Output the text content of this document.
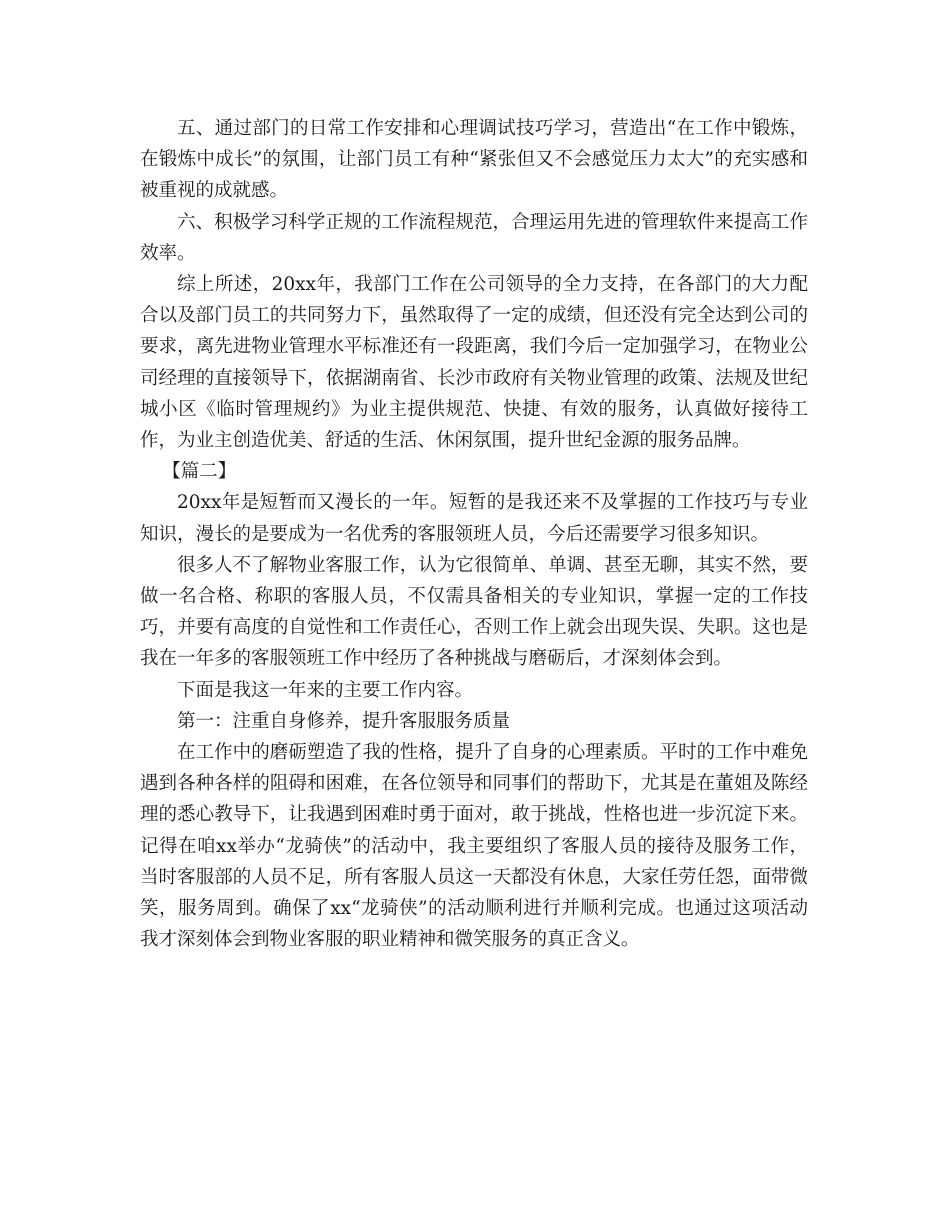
五、通过部门的日常工作安排和心理调试技巧学习，营造出“在工作中锻炼，在锻炼中成长”的氛围，让部门员工有种“紧张但又不会感觉压力太大”的充实感和被重视的成就感。

六、积极学习科学正规的工作流程规范，合理运用先进的管理软件来提高工作效率。

综上所述，20xx年，我部门工作在公司领导的全力支持，在各部门的大力配合以及部门员工的共同努力下，虽然取得了一定的成绩，但还没有完全达到公司的要求，离先进物业管理水平标准还有一段距离，我们今后一定加强学习，在物业公司经理的直接领导下，依据湖南省、长沙市政府有关物业管理的政策、法规及世纪城小区《临时管理规约》为业主提供规范、快捷、有效的服务，认真做好接待工作，为业主创造优美、舒适的生活、休闲氛围，提升世纪金源的服务品牌。

【篇二】

20xx年是短暂而又漫长的一年。短暂的是我还来不及掌握的工作技巧与专业知识，漫长的是要成为一名优秀的客服领班人员，今后还需要学习很多知识。

很多人不了解物业客服工作，认为它很简单、单调、甚至无聊，其实不然，要做一名合格、称职的客服人员，不仅需具备相关的专业知识，掌握一定的工作技巧，并要有高度的自觉性和工作责任心，否则工作上就会出现失误、失职。这也是我在一年多的客服领班工作中经历了各种挑战与磨砺后，才深刻体会到。

下面是我这一年来的主要工作内容。

第一：注重自身修养，提升客服服务质量

在工作中的磨砺塑造了我的性格，提升了自身的心理素质。平时的工作中难免遇到各种各样的阻碍和困难，在各位领导和同事们的帮助下，尤其是在董姐及陈经理的悉心教导下，让我遇到困难时勇于面对，敢于挑战，性格也进一步沉淀下来。记得在咱xx举办“龙骑侠”的活动中，我主要组织了客服人员的接待及服务工作，当时客服部的人员不足，所有客服人员这一天都没有休息，大家任劳任怨，面带微笑，服务周到。确保了xx“龙骑侠”的活动顺利进行并顺利完成。也通过这项活动我才深刻体会到物业客服的职业精神和微笑服务的真正含义。
